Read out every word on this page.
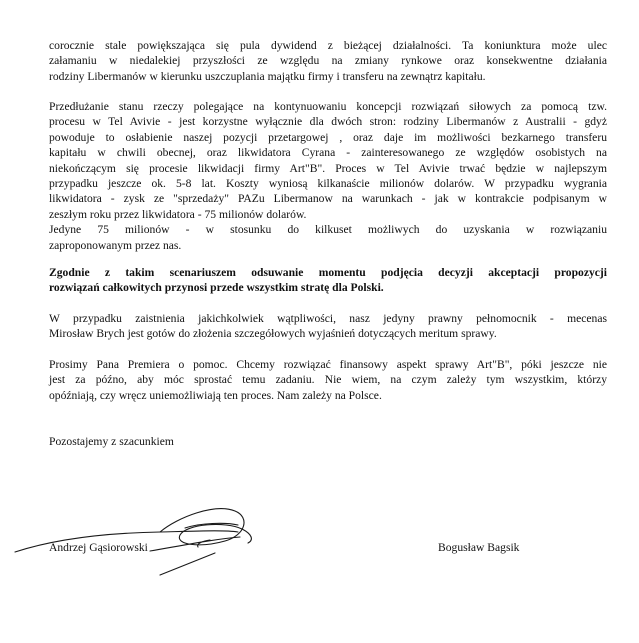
corocznie stale powiększająca się pula dywidend z bieżącej działalności. Ta koniunktura może ulec
załamaniu w niedalekiej przyszłości ze względu na zmiany rynkowe oraz konsekwentne działania
rodziny Libermanów w kierunku uszczuplania majątku firmy i transferu na zewnątrz kapitału.

Przedłużanie stanu rzeczy polegające na kontynuowaniu koncepcji rozwiązań siłowych za pomocą tzw.
procesu w Tel Avivie - jest korzystne wyłącznie dla dwóch stron: rodziny Libermanów z Australii - gdyż
powoduje to osłabienie naszej pozycji przetargowej , oraz daje im możliwości bezkarnego transferu
kapitału w chwili obecnej, oraz likwidatora Cyrana - zainteresowanego ze względów osobistych na
niekończącym się procesie likwidacji firmy Art"B". Proces w Tel Avivie trwać będzie w najlepszym
przypadku jeszcze ok. 5-8 lat. Koszty wyniosą kilkanaście milionów dolarów. W przypadku wygrania
likwidatora - zysk ze "sprzedaży" PAZu Libermanow na warunkach - jak w kontrakcie podpisanym w
zeszłym roku przez likwidatora - 75 milionów dolarów.
Jedyne 75 milionów - w stosunku do kilkuset możliwych do uzyskania w rozwiązaniu
zaproponowanym przez nas.

Zgodnie z takim scenariuszem odsuwanie momentu podjęcia decyzji akceptacji propozycji
rozwiązań całkowitych przynosi przede wszystkim stratę dla Polski.

W przypadku zaistnienia jakichkolwiek wątpliwości, nasz jedyny prawny pełnomocnik - mecenas
Mirosław Brych jest gotów do złożenia szczegółowych wyjaśnień dotyczących meritum sprawy.

Prosimy Pana Premiera o pomoc. Chcemy rozwiązać finansowy aspekt sprawy Art"B", póki jeszcze nie
jest za późno, aby móc sprostać temu zadaniu. Nie wiem, na czym zależy tym wszystkim, którzy
opóźniają, czy wręcz uniemożliwiają ten proces. Nam zależy na Polsce.

Pozostajemy z szacunkiem

Andrzej Gąsiorowski	Bogusław Bagsik
